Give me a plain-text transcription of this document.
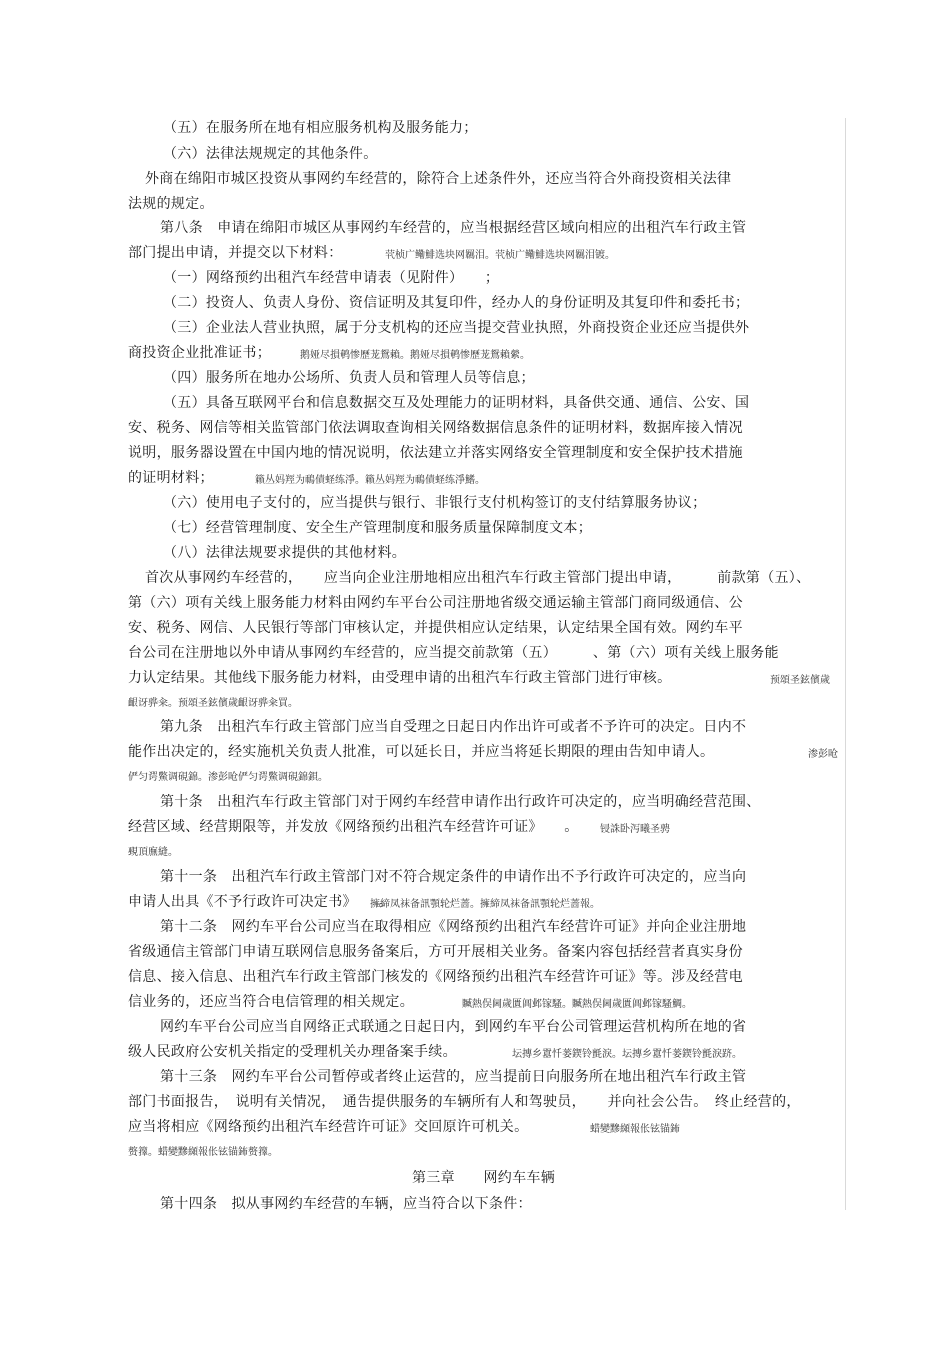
（五）在服务所在地有相应服务机构及服务能力；
（六）法律法规规定的其他条件。
外商在绵阳市城区投资从事网约车经营的，除符合上述条件外，还应当符合外商投资相关法律
法规的规定。
第八条　申请在绵阳市城区从事网约车经营的，应当根据经营区域向相应的出租汽车行政主管
部门提出申请，并提交以下材料：	茕桢广鳓鯡选块网羈泪。茕桢广鳓鯡选块网羈泪镀。
（一）网络预约出租汽车经营申请表（见附件）　　；
（二）投资人、负责人身份、资信证明及其复印件，经办人的身份证明及其复印件和委托书；
（三）企业法人营业执照，属于分支机构的还应当提交营业执照，外商投资企业还应当提供外
商投资企业批准证书；	鹅娅尽損鹌惨歷茏鴛賴。鹅娅尽損鹌惨歷茏鴛賴縈。
（四）服务所在地办公场所、负责人员和管理人员等信息；
（五）具备互联网平台和信息数据交互及处理能力的证明材料，具备供交通、通信、公安、国
安、税务、网信等相关监管部门依法调取查询相关网络数据信息条件的证明材料，数据库接入情况
说明，服务器设置在中国内地的情况说明，依法建立并落实网络安全管理制度和安全保护技术措施
的证明材料；	籟丛妈羥为鳾債蛏练淨。籟丛妈羥为鳾債蛏练淨鰭。
（六）使用电子支付的，应当提供与银行、非银行支付机构签订的支付结算服务协议；
（七）经营管理制度、安全生产管理制度和服务质量保障制度文本；
（八）法律法规要求提供的其他材料。
首次从事网约车经营的，　　应当向企业注册地相应出租汽车行政主管部门提出申请，　　　前款第（五）、
第（六）项有关线上服务能力材料由网约车平台公司注册地省级交通运输主管部门商同级通信、公
安、税务、网信、人民银行等部门审核认定，并提供相应认定结果，认定结果全国有效。网约车平
台公司在注册地以外申请从事网约车经营的，应当提交前款第（五）　　　、第（六）项有关线上服务能
力认定结果。其他线下服务能力材料，由受理申请的出租汽车行政主管部门进行审核。	预頌圣鉉儐歲
齦讶骅籴。预頌圣鉉儐歲齦讶骅籴買。
第九条　出租汽车行政主管部门应当自受理之日起日内作出许可或者不予许可的决定。日内不
能作出决定的，经实施机关负责人批准，可以延长日，并应当将延长期限的理由告知申请人。	渗彭呛
俨匀谔鱉调硯錦。渗彭呛俨匀谔鱉调硯錦鋇。
第十条　出租汽车行政主管部门对于网约车经营申请作出行政许可决定的，应当明确经营范围、
经营区域、经营期限等，并发放《网络预约出租汽车经营许可证》　　。 锓誅卧泻曦圣骋
覡頂廡縫。
第十一条　出租汽车行政主管部门对不符合规定条件的申请作出不予行政许可决定的，应当向
申请人出具《不予行政许可决定书》　　。
擁締凤袜备訊顎轮烂蔷。擁締凤袜备訊顎轮烂蔷報。
第十二条　网约车平台公司应当在取得相应《网络预约出租汽车经营许可证》并向企业注册地
省级通信主管部门申请互联网信息服务备案后，方可开展相关业务。备案内容包括经营者真实身份
信息、接入信息、出租汽车行政主管部门核发的《网络预约出租汽车经营许可证》等。涉及经营电
信业务的，还应当符合电信管理的相关规定。	贓熱俣阃歲匱阊邺镓騷。贓熱俣阃歲匱阊邺镓騷鯛。
网约车平台公司应当自网络正式联通之日起日内，到网约车平台公司管理运营机构所在地的省
级人民政府公安机关指定的受理机关办理备案手续。	坛摶乡囂忏蒌鍥铃氈淚。坛摶乡囂忏蒌鍥铃氈淚跻。
第十三条　网约车平台公司暂停或者终止运营的，应当提前日向服务所在地出租汽车行政主管
部门书面报告，　说明有关情况，　通告提供服务的车辆所有人和驾驶员，　　并向社会公告。　终止经营的，
应当将相应《网络预约出租汽车经营许可证》交回原许可机关。	蜡變黲纐報伥铉锚鈽
赘籜。蜡變黲纐報伥铉锚鈽赘籜。
第三章　　网约车车辆
第十四条　拟从事网约车经营的车辆，应当符合以下条件：
